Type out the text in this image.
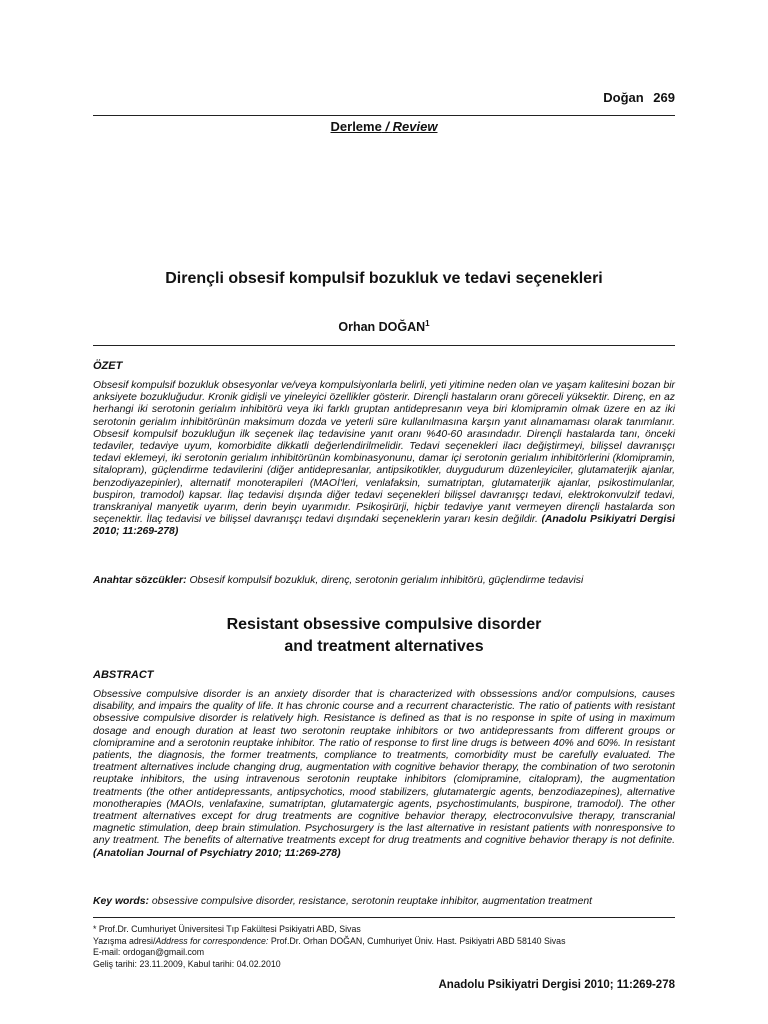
Doğan 269
Derleme / Review
Dirençli obsesif kompulsif bozukluk ve tedavi seçenekleri
Orhan DOĞAN$^1$
ÖZET
Obsesif kompulsif bozukluk obsesyonlar ve/veya kompulsiyonlarla belirli, yeti yitimine neden olan ve yaşam kalitesini bozan bir anksiyete bozukluğudur. Kronik gidişli ve yineleyici özellikler gösterir. Dirençli hastaların oranı göreceli yüksektir. Direnç, en az herhangi iki serotonin gerialım inhibitörü veya iki farklı gruptan antidepresanın veya biri klomipramin olmak üzere en az iki serotonin gerialım inhibitörünün maksimum dozda ve yeterli süre kullanılmasına karşın yanıt alınamaması olarak tanımlanır. Obsesif kompulsif bozukluğun ilk seçenek ilaç tedavisine yanıt oranı %40-60 arasındadır. Dirençli hastalarda tanı, önceki tedaviler, tedaviye uyum, komorbidite dikkatli değerlendirilmelidir. Tedavi seçenekleri ilacı değiştirmeyi, bilişsel davranışçı tedavi eklemeyi, iki serotonin gerialım inhibitörünün kombinasyonunu, damar içi serotonin gerialım inhibitörlerini (klomipramin, sitalopram), güçlendirme tedavilerini (diğer antidepresanlar, antipsikotikler, duygudurum düzenleyiciler, glutamaterjik ajanlar, benzodiyazepinler), alternatif monoterapileri (MAOİ'leri, venlafaksin, sumatriptan, glutamaterjik ajanlar, psikostimulanlar, buspiron, tramodol) kapsar. İlaç tedavisi dışında diğer tedavi seçenekleri bilişsel davranışçı tedavi, elektrokonvulzif tedavi, transkraniyal manyetik uyarım, derin beyin uyarımıdır. Psikoşirürji, hiçbir tedaviye yanıt vermeyen dirençli hastalarda son seçenektir. İlaç tedavisi ve bilişsel davranışçı tedavi dışındaki seçeneklerin yararı kesin değildir. (Anadolu Psikiyatri Dergisi 2010; 11:269-278)
Anahtar sözcükler: Obsesif kompulsif bozukluk, direnç, serotonin gerialım inhibitörü, güçlendirme tedavisi
Resistant obsessive compulsive disorder
and treatment alternatives
ABSTRACT
Obsessive compulsive disorder is an anxiety disorder that is characterized with obssessions and/or compulsions, causes disability, and impairs the quality of life. It has chronic course and a recurrent characteristic. The ratio of patients with resistant obsessive compulsive disorder is relatively high. Resistance is defined as that is no response in spite of using in maximum dosage and enough duration at least two serotonin reuptake inhibitors or two antidepressants from different groups or clomipramine and a serotonin reuptake inhibitor. The ratio of response to first line drugs is between 40% and 60%. In resistant patients, the diagnosis, the former treatments, compliance to treatments, comorbidity must be carefully evaluated. The treatment alternatives include changing drug, augmentation with cognitive behavior therapy, the combination of two serotonin reuptake inhibitors, the using intravenous serotonin reuptake inhibitors (clomipramine, citalopram), the augmentation treatments (the other antidepressants, antipsychotics, mood stabilizers, glutamatergic agents, benzodiazepines), alternative monotherapies (MAOIs, venlafaxine, sumatriptan, glutamatergic agents, psychostimulants, buspirone, tramodol). The other treatment alternatives except for drug treatments are cognitive behavior therapy, electroconvulsive therapy, transcranial magnetic stimulation, deep brain stimulation. Psychosurgery is the last alternative in resistant patients with nonresponsive to any treatment. The benefits of alternative treatments except for drug treatments and cognitive behavior therapy is not definite. (Anatolian Journal of Psychiatry 2010; 11:269-278)
Key words: obsessive compulsive disorder, resistance, serotonin reuptake inhibitor, augmentation treatment
* Prof.Dr. Cumhuriyet Üniversitesi Tıp Fakültesi Psikiyatri ABD, Sivas
Yazışma adresi/Address for correspondence: Prof.Dr. Orhan DOĞAN, Cumhuriyet Üniv. Hast. Psikiyatri ABD 58140 Sivas
E-mail: ordogan@gmail.com
Geliş tarihi: 23.11.2009, Kabul tarihi: 04.02.2010
Anadolu Psikiyatri Dergisi 2010; 11:269-278
